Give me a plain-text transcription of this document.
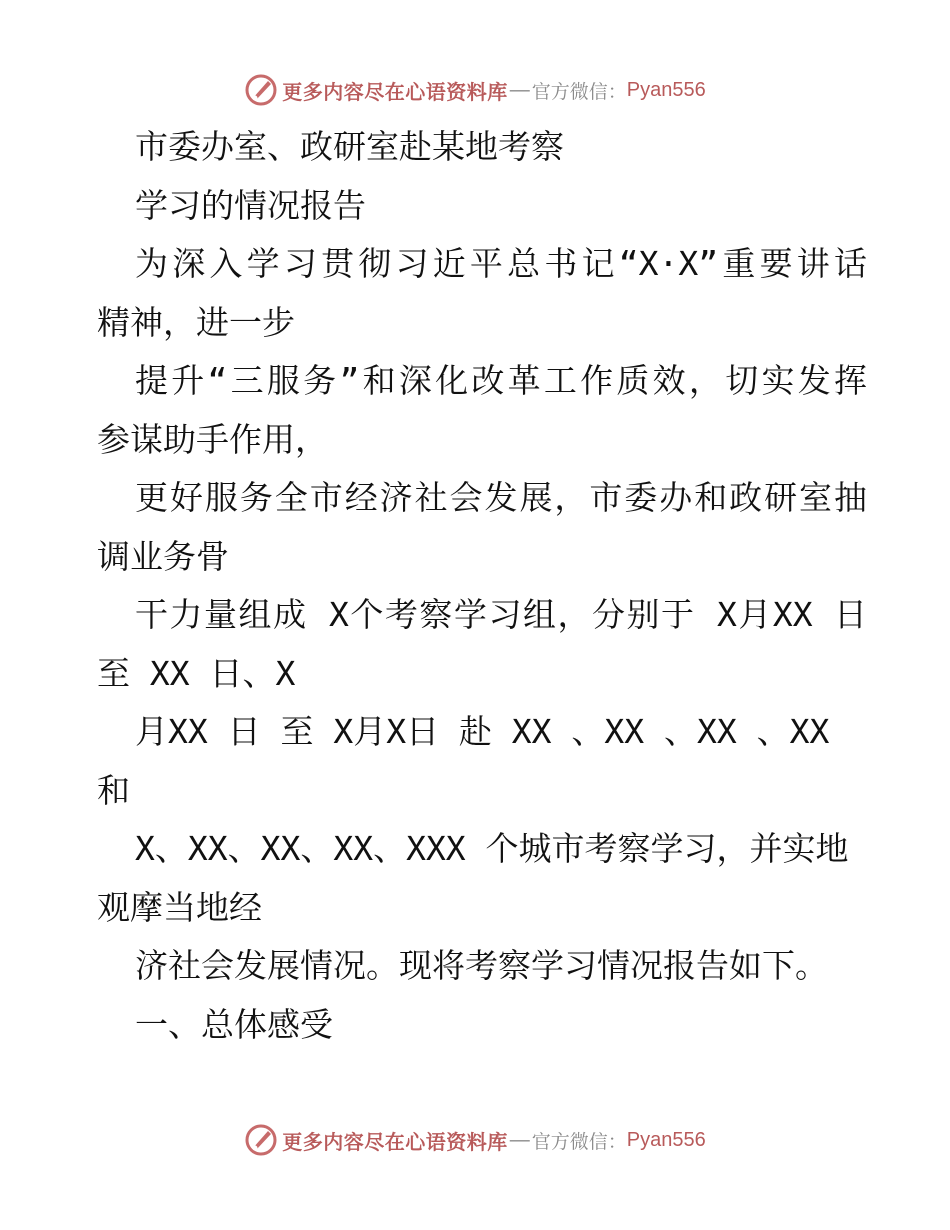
更多内容尽在心语资料库 — 官方微信： Pyan556
市委办室、政研室赴某地考察
学习的情况报告
为深入学习贯彻习近平总书记“X·X”重要讲话
精神，进一步
提升“三服务”和深化改革工作质效，切实发挥
参谋助手作用，
更好服务全市经济社会发展，市委办和政研室抽
调业务骨
干力量组成 X个考察学习组，分别于 X月XX 日
至 XX 日、X
月XX 日 至 X月X日 赴 XX 、XX 、XX 、XX
和
X、XX、XX、XX、XXX 个城市考察学习，并实地
观摩当地经
济社会发展情况。现将考察学习情况报告如下。
一、总体感受
更多内容尽在心语资料库 — 官方微信： Pyan556
